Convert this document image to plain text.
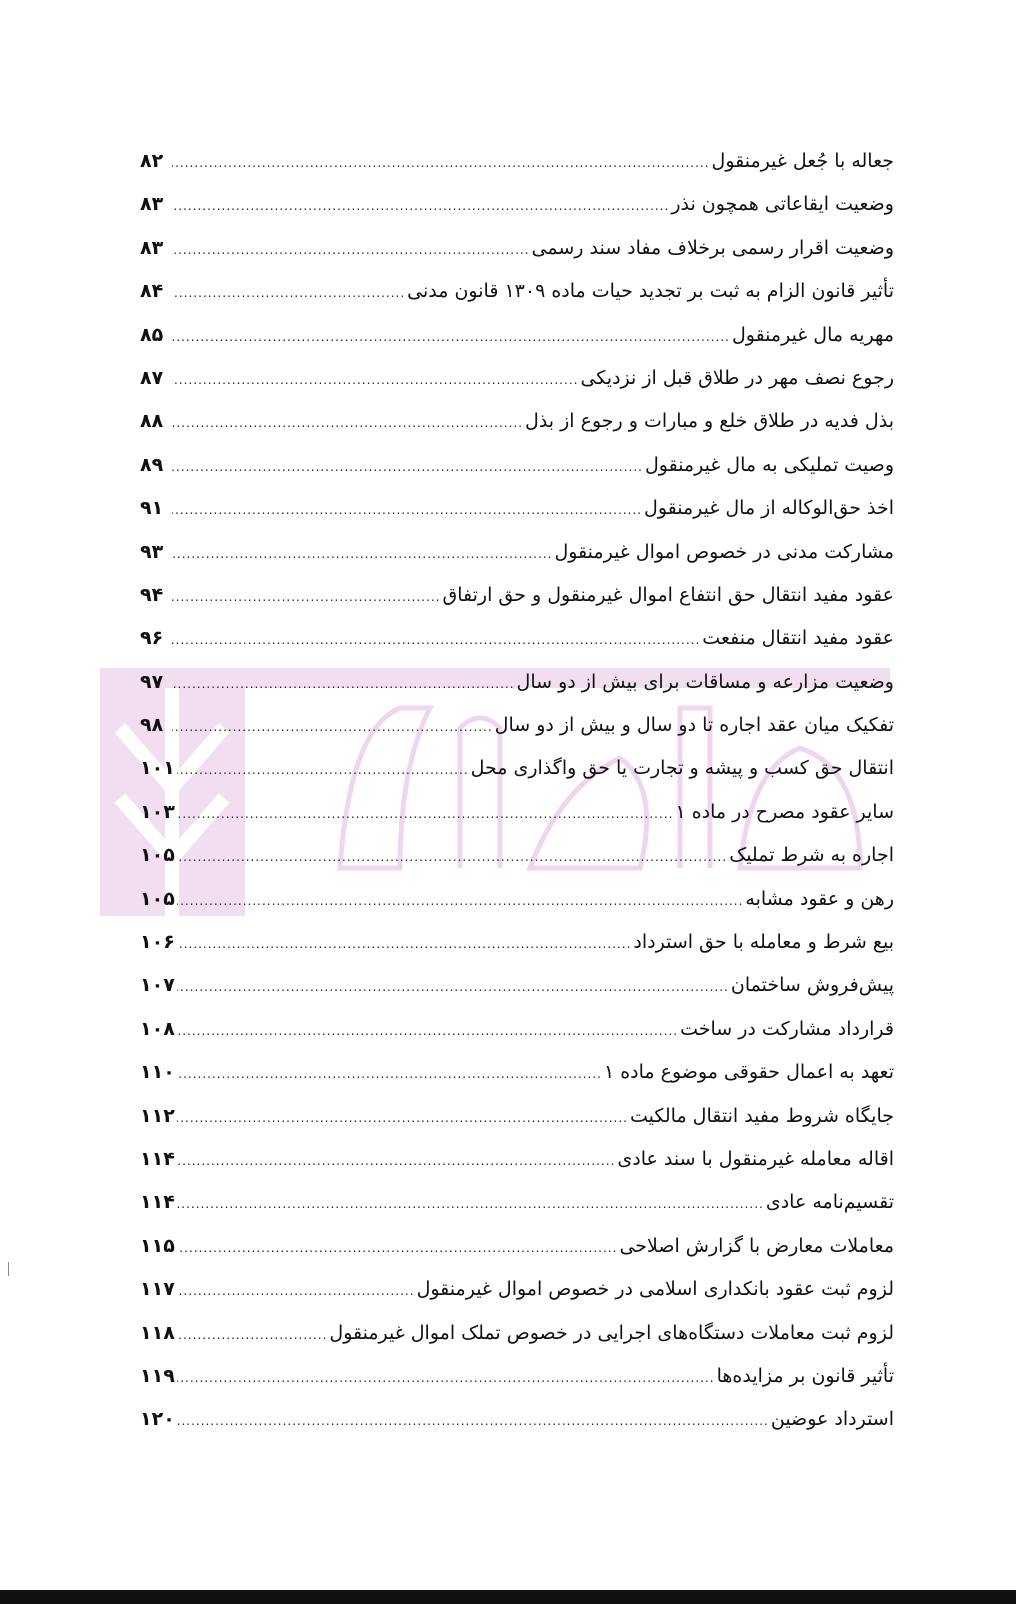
جعاله با جُعل غیرمنقول
.....
۸۲
وضعیت ایقاعاتی همچون نذر
.....
۸۳
وضعیت اقرار رسمی برخلاف مفاد سند رسمی
.....
۸۳
تأثیر قانون الزام به ثبت بر تجدید حیات ماده ۱۳۰۹ قانون مدنی
.....
۸۴
مهریه مال غیرمنقول
.....
۸۵
رجوع نصف مهر در طلاق قبل از نزدیکی
.....
۸۷
بذل فدیه در طلاق خلع و مبارات و رجوع از بذل
.....
۸۸
وصیت تملیکی به مال غیرمنقول
.....
۸۹
اخذ حق‌الوکاله از مال غیرمنقول
.....
۹۱
مشارکت مدنی در خصوص اموال غیرمنقول
.....
۹۳
عقود مفید انتقال حق انتفاع اموال غیرمنقول و حق ارتفاق
.....
۹۴
عقود مفید انتقال منفعت
.....
۹۶
وضعیت مزارعه و مساقات برای بیش از دو سال
.....
۹۷
تفکیک میان عقد اجاره تا دو سال و بیش از دو سال
.....
۹۸
انتقال حق کسب و پیشه و تجارت یا حق واگذاری محل
.....
۱۰۱
سایر عقود مصرح در ماده ۱
.....
۱۰۳
اجاره به شرط تملیک
.....
۱۰۵
رهن و عقود مشابه
.....
۱۰۵
بیع شرط و معامله با حق استرداد
.....
۱۰۶
پیش‌فروش ساختمان
.....
۱۰۷
قرارداد مشارکت در ساخت
.....
۱۰۸
تعهد به اعمال حقوقی موضوع ماده ۱
.....
۱۱۰
جایگاه شروط مفید انتقال مالکیت
.....
۱۱۲
اقاله معامله غیرمنقول با سند عادی
.....
۱۱۴
تقسیم‌نامه عادی
.....
۱۱۴
معاملات معارض با گزارش اصلاحی
.....
۱۱۵
لزوم ثبت عقود بانکداری اسلامی در خصوص اموال غیرمنقول
.....
۱۱۷
لزوم ثبت معاملات دستگاه‌های اجرایی در خصوص تملک اموال غیرمنقول
.....
۱۱۸
تأثیر قانون بر مزایده‌ها
.....
۱۱۹
استرداد عوضین
.....
۱۲۰
